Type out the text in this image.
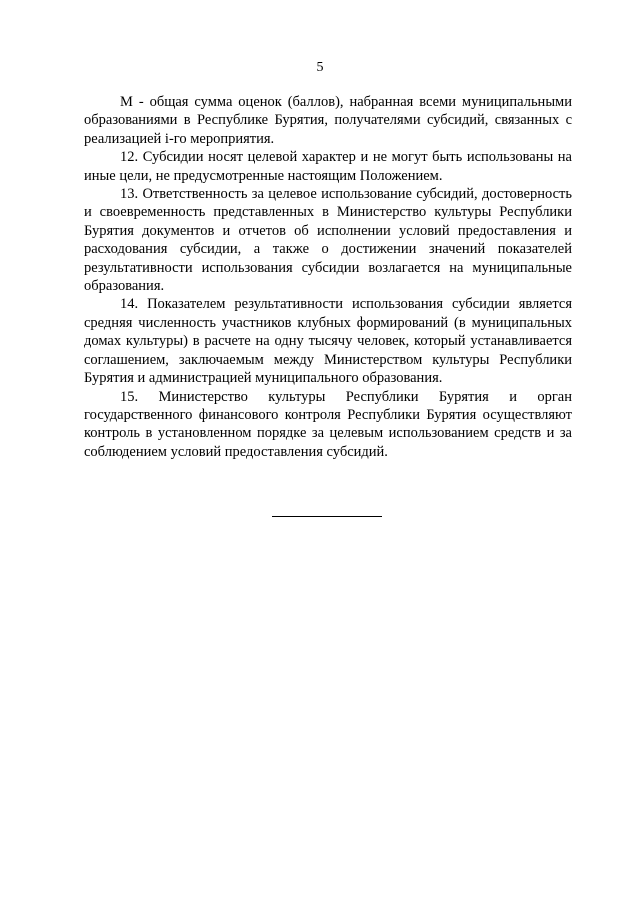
5

M - общая сумма оценок (баллов), набранная всеми муниципальными образованиями в Республике Бурятия, получателями субсидий, связанных с реализацией i-го мероприятия.

12. Субсидии носят целевой характер и не могут быть использованы на иные цели, не предусмотренные настоящим Положением.

13. Ответственность за целевое использование субсидий, достоверность и своевременность представленных в Министерство культуры Республики Бурятия документов и отчетов об исполнении условий предоставления и расходования субсидии, а также о достижении значений показателей результативности использования субсидии возлагается на муниципальные образования.

14. Показателем результативности использования субсидии является средняя численность участников клубных формирований (в муниципальных домах культуры) в расчете на одну тысячу человек, который устанавливается соглашением, заключаемым между Министерством культуры Республики Бурятия и администрацией муниципального образования.

15. Министерство культуры Республики Бурятия и орган государственного финансового контроля Республики Бурятия осуществляют контроль в установленном порядке за целевым использованием средств и за соблюдением условий предоставления субсидий.
